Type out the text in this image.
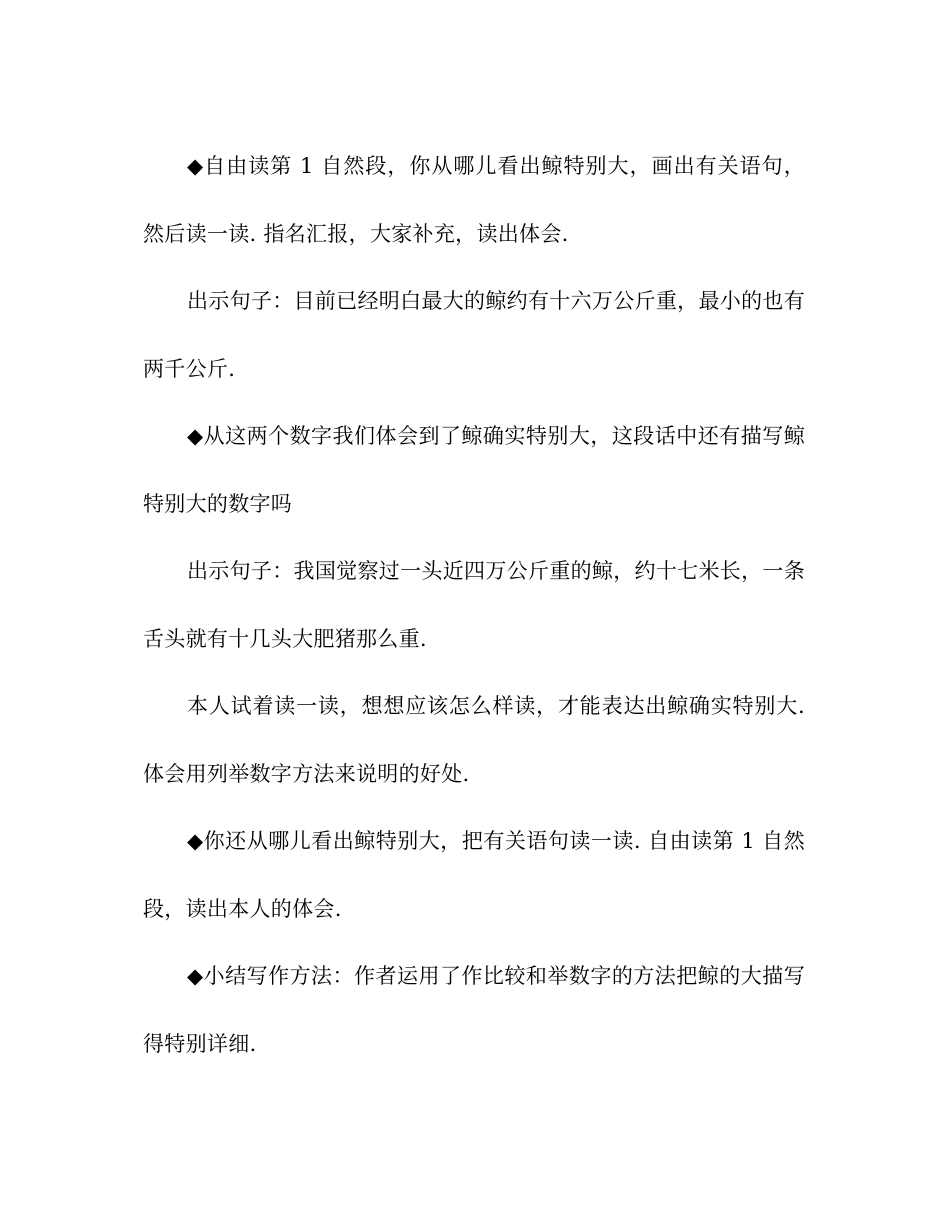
◆自由读第 1 自然段，你从哪儿看出鲸特别大，画出有关语句，然后读一读. 指名汇报，大家补充，读出体会.

出示句子：目前已经明白最大的鲸约有十六万公斤重，最小的也有两千公斤.

◆从这两个数字我们体会到了鲸确实特别大，这段话中还有描写鲸特别大的数字吗

出示句子：我国觉察过一头近四万公斤重的鲸，约十七米长，一条舌头就有十几头大肥猪那么重.

本人试着读一读，想想应该怎么样读，才能表达出鲸确实特别大. 体会用列举数字方法来说明的好处.

◆你还从哪儿看出鲸特别大，把有关语句读一读. 自由读第 1 自然段，读出本人的体会.

◆小结写作方法：作者运用了作比较和举数字的方法把鲸的大描写得特别详细.
